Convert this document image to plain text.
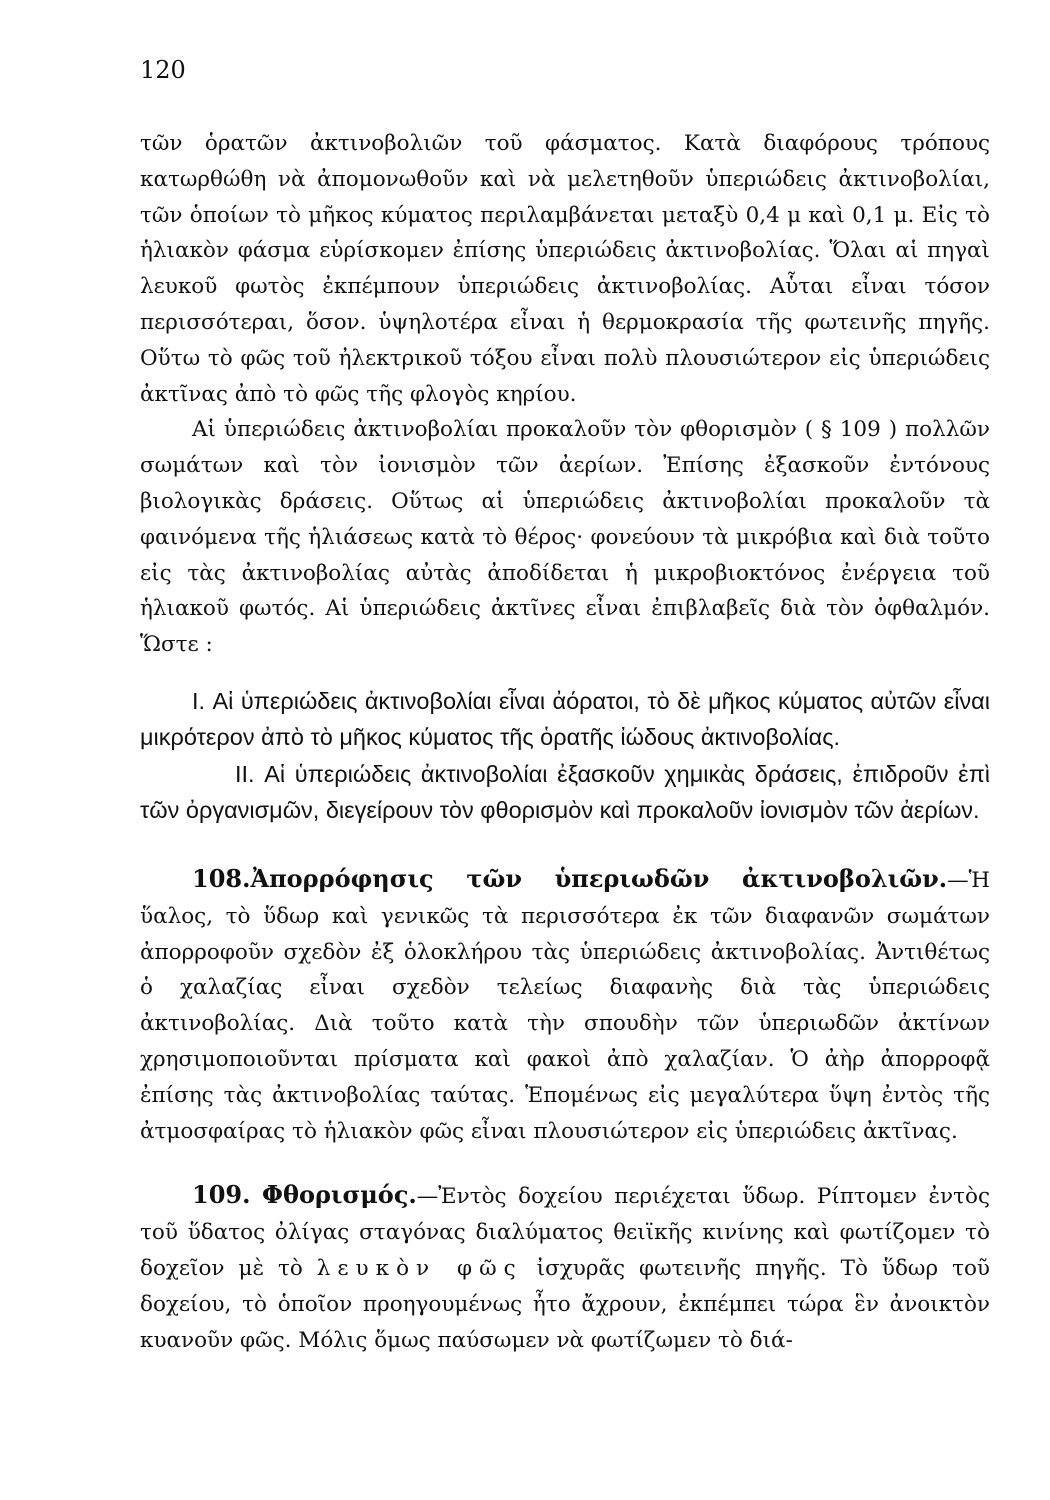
120

τῶν ὁρατῶν ἀκτινοβολιῶν τοῦ φάσματος. Κατὰ διαφόρους τρόπους κατωρθώθη νὰ ἀπομονωθοῦν καὶ νὰ μελετηθοῦν ὑπεριώδεις ἀκτινοβολίαι, τῶν ὁποίων τὸ μῆκος κύματος περιλαμβάνεται μεταξὺ 0,4 μ καὶ 0,1 μ. Εἰς τὸ ἡλιακὸν φάσμα εὑρίσκομεν ἐπίσης ὑπεριώδεις ἀκτινοβολίας. Ὅλαι αἱ πηγαὶ λευκοῦ φωτὸς ἐκπέμπουν ὑπεριώδεις ἀκτινοβολίας. Αὗται εἶναι τόσον περισσότεραι, ὅσον. ὑψηλοτέρα εἶναι ἡ θερμοκρασία τῆς φωτεινῆς πηγῆς. Οὕτω τὸ φῶς τοῦ ἠλεκτρικοῦ τόξου εἶναι πολὺ πλουσιώτερον εἰς ὑπεριώδεις ἀκτῖνας ἀπὸ τὸ φῶς τῆς φλογὸς κηρίου.

Αἱ ὑπεριώδεις ἀκτινοβολίαι προκαλοῦν τὸν φθορισμὸν ( § 109 ) πολλῶν σωμάτων καὶ τὸν ἰονισμὸν τῶν ἀερίων. Ἐπίσης ἐξασκοῦν ἐντόνους βιολογικὰς δράσεις. Οὕτως αἱ ὑπεριώδεις ἀκτινοβολίαι προκαλοῦν τὰ φαινόμενα τῆς ἡλιάσεως κατὰ τὸ θέρος· φονεύουν τὰ μικρόβια καὶ διὰ τοῦτο εἰς τὰς ἀκτινοβολίας αὐτὰς ἀποδίδεται ἡ μικροβιοκτόνος ἐνέργεια τοῦ ἡλιακοῦ φωτός. Αἱ ὑπεριώδεις ἀκτῖνες εἶναι ἐπιβλαβεῖς διὰ τὸν ὀφθαλμόν. Ὥστε :

I. Αἱ ὑπεριώδεις ἀκτινοβολίαι εἶναι ἀόρατοι, τὸ δὲ μῆκος κύματος αὐτῶν εἶναι μικρότερον ἀπὸ τὸ μῆκος κύματος τῆς ὁρατῆς ἰώδους ἀκτινοβολίας.

II. Αἱ ὑπεριώδεις ἀκτινοβολίαι ἐξασκοῦν χημικὰς δράσεις, ἐπιδροῦν ἐπὶ τῶν ὀργανισμῶν, διεγείρουν τὸν φθορισμὸν καὶ προκαλοῦν ἰονισμὸν τῶν ἀερίων.

108.Ἀπορρόφησις τῶν ὑπεριωδῶν ἀκτινοβολιῶν.—Ἡ ὕαλος, τὸ ὕδωρ καὶ γενικῶς τὰ περισσότερα ἐκ τῶν διαφανῶν σωμάτων ἀπορροφοῦν σχεδὸν ἐξ ὁλοκλήρου τὰς ὑπεριώδεις ἀκτινοβολίας. Ἀντιθέτως ὁ χαλαζίας εἶναι σχεδὸν τελείως διαφανὴς διὰ τὰς ὑπεριώδεις ἀκτινοβολίας. Διὰ τοῦτο κατὰ τὴν σπουδὴν τῶν ὑπεριωδῶν ἀκτίνων χρησιμοποιοῦνται πρίσματα καὶ φακοὶ ἀπὸ χαλαζίαν. Ὁ ἀὴρ ἀπορροφᾷ ἐπίσης τὰς ἀκτινοβολίας ταύτας. Ἑπομένως εἰς μεγαλύτερα ὕψη ἐντὸς τῆς ἀτμοσφαίρας τὸ ἡλιακὸν φῶς εἶναι πλουσιώτερον εἰς ὑπεριώδεις ἀκτῖνας.

109. Φθορισμός.—Ἐντὸς δοχείου περιέχεται ὕδωρ. Ρίπτομεν ἐντὸς τοῦ ὕδατος ὀλίγας σταγόνας διαλύματος θειϊκῆς κινίνης καὶ φωτίζομεν τὸ δοχεῖον μὲ τὸ λευκὸν φῶς ἰσχυρᾶς φωτεινῆς πηγῆς. Τὸ ὕδωρ τοῦ δοχείου, τὸ ὁποῖον προηγουμένως ἦτο ἄχρουν, ἐκπέμπει τώρα ἓν ἀνοικτὸν κυανοῦν φῶς. Μόλις ὅμως παύσωμεν νὰ φωτίζωμεν τὸ διά-
